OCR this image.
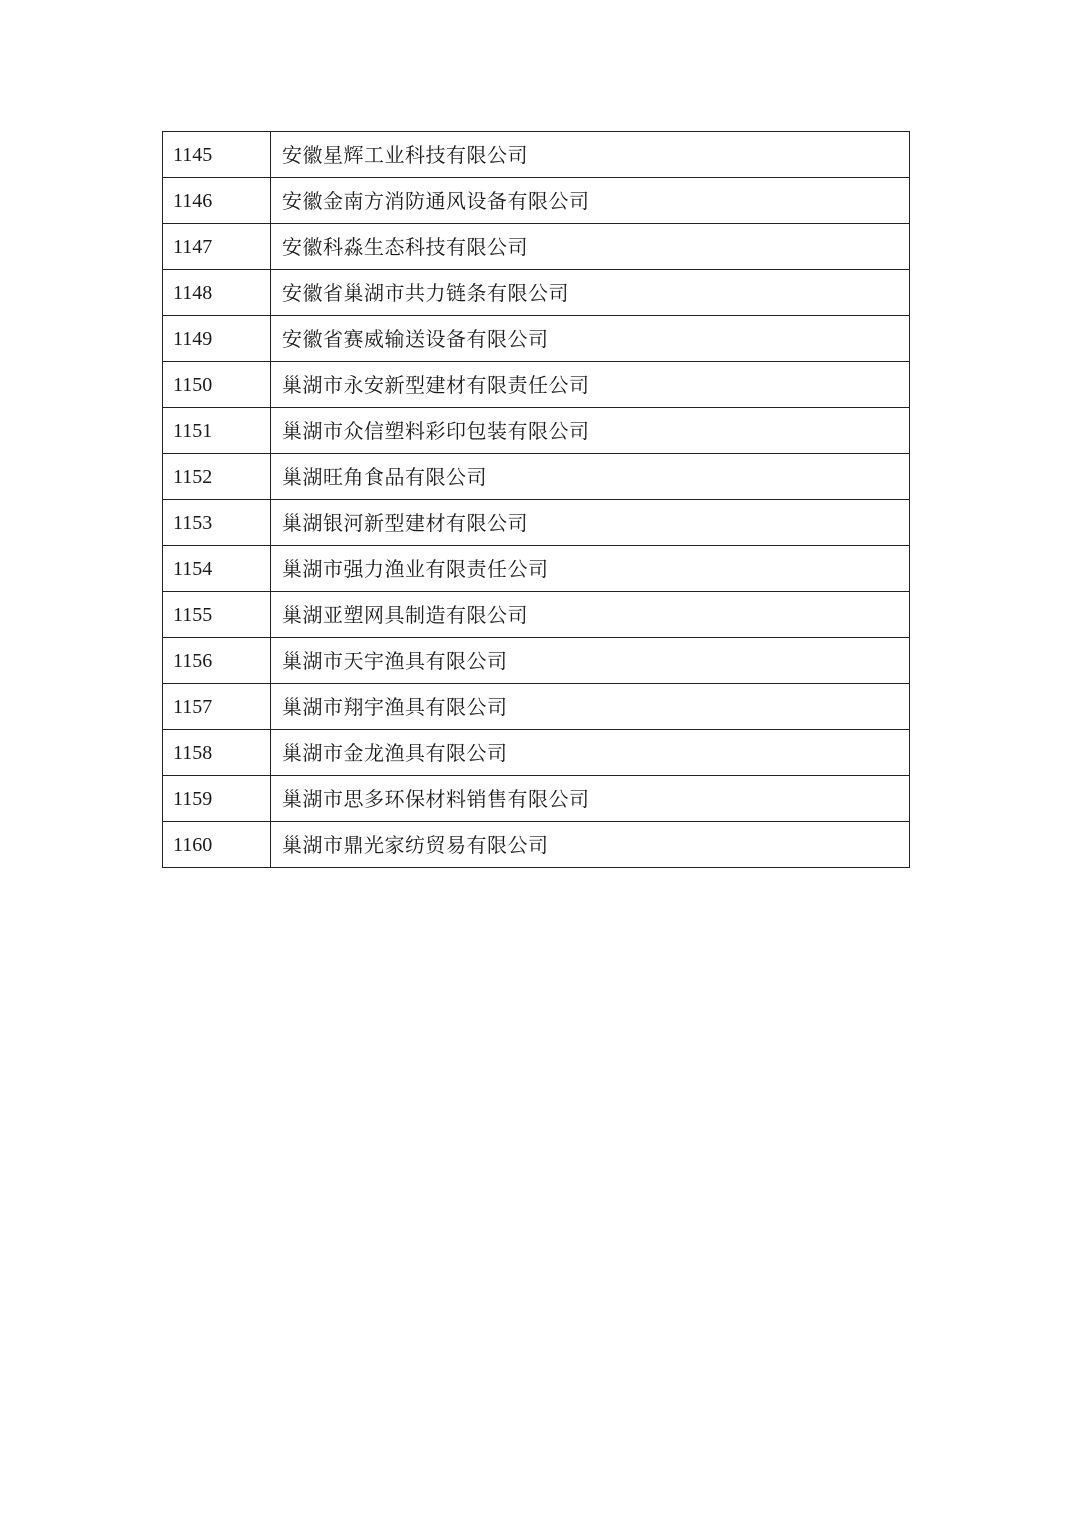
1145	安徽星辉工业科技有限公司
1146	安徽金南方消防通风设备有限公司
1147	安徽科淼生态科技有限公司
1148	安徽省巢湖市共力链条有限公司
1149	安徽省赛威输送设备有限公司
1150	巢湖市永安新型建材有限责任公司
1151	巢湖市众信塑料彩印包装有限公司
1152	巢湖旺角食品有限公司
1153	巢湖银河新型建材有限公司
1154	巢湖市强力渔业有限责任公司
1155	巢湖亚塑网具制造有限公司
1156	巢湖市天宇渔具有限公司
1157	巢湖市翔宇渔具有限公司
1158	巢湖市金龙渔具有限公司
1159	巢湖市思多环保材料销售有限公司
1160	巢湖市鼎光家纺贸易有限公司
